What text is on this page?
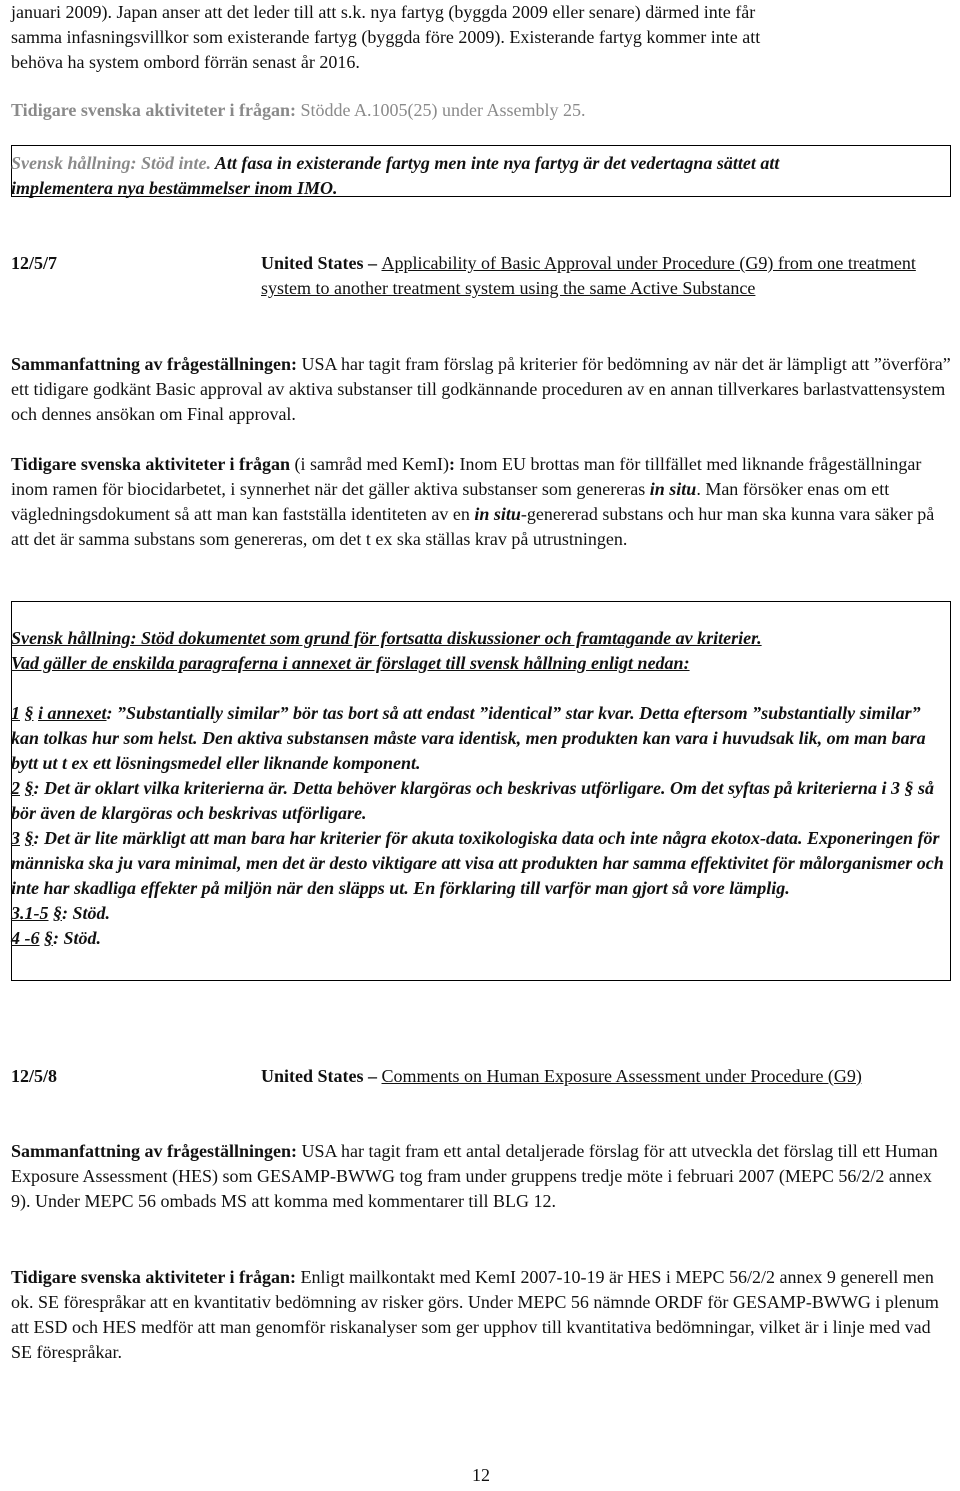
januari 2009). Japan anser att det leder till att s.k. nya fartyg (byggda 2009 eller senare) därmed inte får

samma infasningsvillkor som existerande fartyg (byggda före 2009). Existerande fartyg kommer inte att

behöva ha system ombord förrän senast år 2016.

Tidigare svenska aktiviteter i frågan: Stödde A.1005(25) under Assembly 25.

Svensk hållning: Stöd inte. Att fasa in existerande fartyg men inte nya fartyg är det vedertagna sättet att

implementera nya bestämmelser inom IMO.

12/5/7	United States – Applicability of Basic Approval under Procedure (G9) from one treatment system to another treatment system using the same Active Substance

Sammanfattning av frågeställningen: USA har tagit fram förslag på kriterier för bedömning av när det är lämpligt att ”överföra” ett tidigare godkänt Basic approval av aktiva substanser till godkännande proceduren av en annan tillverkares barlastvattensystem och dennes ansökan om Final approval.

Tidigare svenska aktiviteter i frågan (i samråd med KemI): Inom EU brottas man för tillfället med liknande frågeställningar inom ramen för biocidarbetet, i synnerhet när det gäller aktiva substanser som genereras in situ. Man försöker enas om ett vägledningsdokument så att man kan fastställa identiteten av en in situ-genererad substans och hur man ska kunna vara säker på att det är samma substans som genereras, om det t ex ska ställas krav på utrustningen.

Svensk hållning: Stöd dokumentet som grund för fortsatta diskussioner och framtagande av kriterier.

Vad gäller de enskilda paragraferna i annexet är förslaget till svensk hållning enligt nedan:

1 § i annexet: ”Substantially similar” bör tas bort så att endast ”identical” star kvar. Detta eftersom ”substantially similar” kan tolkas hur som helst. Den aktiva substansen måste vara identisk, men produkten kan vara i huvudsak lik, om man bara bytt ut t ex ett lösningsmedel eller liknande komponent.

2 §: Det är oklart vilka kriterierna är. Detta behöver klargöras och beskrivas utförligare. Om det syftas på kriterierna i 3 § så bör även de klargöras och beskrivas utförligare.

3 §: Det är lite märkligt att man bara har kriterier för akuta toxikologiska data och inte några ekotox-data. Exponeringen för människa ska ju vara minimal, men det är desto viktigare att visa att produkten har samma effektivitet för målorganismer och inte har skadliga effekter på miljön när den släpps ut. En förklaring till varför man gjort så vore lämplig.

3.1-5 §: Stöd.

4 -6 §: Stöd.

12/5/8	United States – Comments on Human Exposure Assessment under Procedure (G9)

Sammanfattning av frågeställningen: USA har tagit fram ett antal detaljerade förslag för att utveckla det förslag till ett Human Exposure Assessment (HES) som GESAMP-BWWG tog fram under gruppens tredje möte i februari 2007 (MEPC 56/2/2 annex 9). Under MEPC 56 ombads MS att komma med kommentarer till BLG 12.

Tidigare svenska aktiviteter i frågan: Enligt mailkontakt med KemI 2007-10-19 är HES i MEPC 56/2/2 annex 9 generell men ok. SE förespråkar att en kvantitativ bedömning av risker görs. Under MEPC 56 nämnde ORDF för GESAMP-BWWG i plenum att ESD och HES medför att man genomför riskanalyser som ger upphov till kvantitativa bedömningar, vilket är i linje med vad SE förespråkar.

12
